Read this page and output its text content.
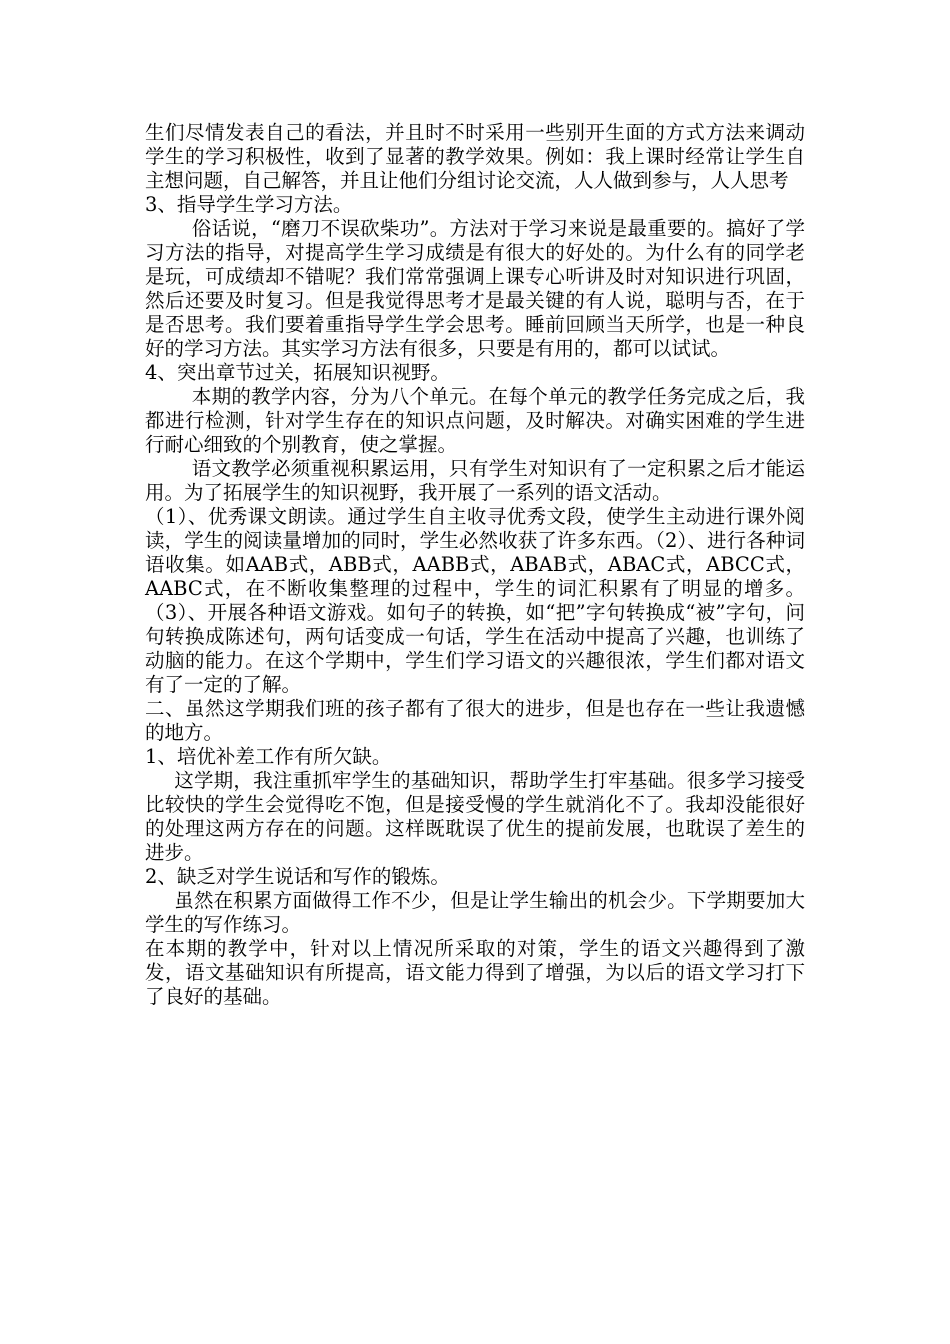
生们尽情发表自己的看法，并且时不时采用一些别开生面的方式方法来调动学生的学习积极性，收到了显著的教学效果。例如：我上课时经常让学生自主想问题，自己解答，并且让他们分组讨论交流，人人做到参与，人人思考

3、指导学生学习方法。

俗话说，“磨刀不误砍柴功”。方法对于学习来说是最重要的。搞好了学习方法的指导，对提高学生学习成绩是有很大的好处的。为什么有的同学老是玩，可成绩却不错呢？我们常常强调上课专心听讲及时对知识进行巩固，然后还要及时复习。但是我觉得思考才是最关键的有人说，聪明与否，在于是否思考。我们要着重指导学生学会思考。睡前回顾当天所学，也是一种良好的学习方法。其实学习方法有很多，只要是有用的，都可以试试。

4、突出章节过关，拓展知识视野。

本期的教学内容，分为八个单元。在每个单元的教学任务完成之后，我都进行检测，针对学生存在的知识点问题，及时解决。对确实困难的学生进行耐心细致的个别教育，使之掌握。

语文教学必须重视积累运用，只有学生对知识有了一定积累之后才能运用。为了拓展学生的知识视野，我开展了一系列的语文活动。

（1）、优秀课文朗读。通过学生自主收寻优秀文段，使学生主动进行课外阅读，学生的阅读量增加的同时，学生必然收获了许多东西。（2）、进行各种词语收集。如AAB式，ABB式，AABB式，ABAB式，ABAC式，ABCC式，AABC式，在不断收集整理的过程中，学生的词汇积累有了明显的增多。（3）、开展各种语文游戏。如句子的转换，如“把”字句转换成“被”字句，问句转换成陈述句，两句话变成一句话，学生在活动中提高了兴趣，也训练了动脑的能力。在这个学期中，学生们学习语文的兴趣很浓，学生们都对语文有了一定的了解。

二、虽然这学期我们班的孩子都有了很大的进步，但是也存在一些让我遗憾的地方。

1、培优补差工作有所欠缺。

这学期，我注重抓牢学生的基础知识，帮助学生打牢基础。很多学习接受比较快的学生会觉得吃不饱，但是接受慢的学生就消化不了。我却没能很好的处理这两方存在的问题。这样既耽误了优生的提前发展，也耽误了差生的进步。

2、缺乏对学生说话和写作的锻炼。

虽然在积累方面做得工作不少，但是让学生输出的机会少。下学期要加大学生的写作练习。

在本期的教学中，针对以上情况所采取的对策，学生的语文兴趣得到了激发，语文基础知识有所提高，语文能力得到了增强，为以后的语文学习打下了良好的基础。
